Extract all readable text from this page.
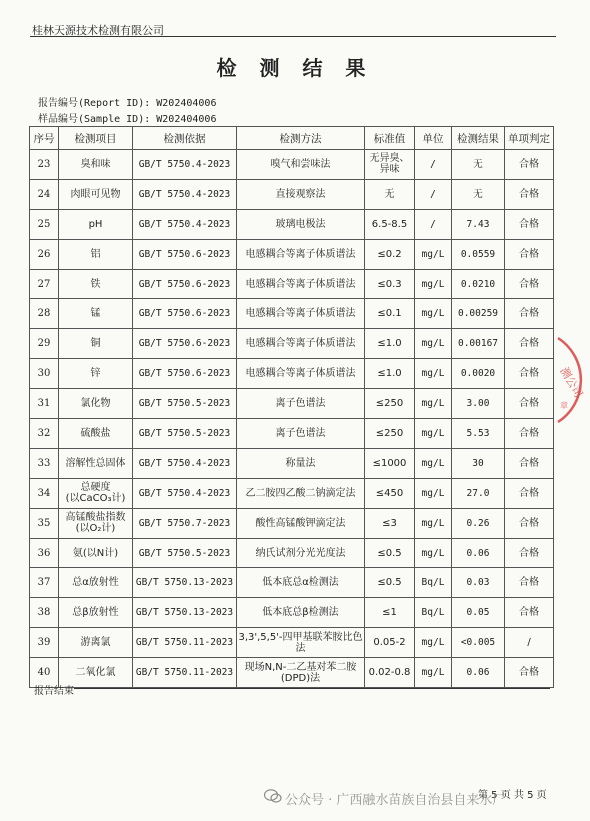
桂林天源技术检测有限公司
检 测 结 果
报告编号(Report ID): W202404006
样品编号(Sample ID): W202404006
序号	检测项目	检测依据	检测方法	标准值	单位	检测结果	单项判定
23	臭和味	GB/T 5750.4-2023	嗅气和尝味法	无异臭、异味	/	无	合格
24	肉眼可见物	GB/T 5750.4-2023	直接观察法	无	/	无	合格
25	pH	GB/T 5750.4-2023	玻璃电极法	6.5-8.5	/	7.43	合格
26	铝	GB/T 5750.6-2023	电感耦合等离子体质谱法	≤0.2	mg/L	0.0559	合格
27	铁	GB/T 5750.6-2023	电感耦合等离子体质谱法	≤0.3	mg/L	0.0210	合格
28	锰	GB/T 5750.6-2023	电感耦合等离子体质谱法	≤0.1	mg/L	0.00259	合格
29	铜	GB/T 5750.6-2023	电感耦合等离子体质谱法	≤1.0	mg/L	0.00167	合格
30	锌	GB/T 5750.6-2023	电感耦合等离子体质谱法	≤1.0	mg/L	0.0020	合格
31	氯化物	GB/T 5750.5-2023	离子色谱法	≤250	mg/L	3.00	合格
32	硫酸盐	GB/T 5750.5-2023	离子色谱法	≤250	mg/L	5.53	合格
33	溶解性总固体	GB/T 5750.4-2023	称量法	≤1000	mg/L	30	合格
34	总硬度
(以CaCO₃计)	GB/T 5750.4-2023	乙二胺四乙酸二钠滴定法	≤450	mg/L	27.0	合格
35	高锰酸盐指数
(以O₂计)	GB/T 5750.7-2023	酸性高锰酸钾滴定法	≤3	mg/L	0.26	合格
36	氨(以N计)	GB/T 5750.5-2023	纳氏试剂分光光度法	≤0.5	mg/L	0.06	合格
37	总α放射性	GB/T 5750.13-2023	低本底总α检测法	≤0.5	Bq/L	0.03	合格
38	总β放射性	GB/T 5750.13-2023	低本底总β检测法	≤1	Bq/L	0.05	合格
39	游离氯	GB/T 5750.11-2023	3,3',5,5'-四甲基联苯胺比色法	0.05-2	mg/L	<0.005	/
40	二氧化氯	GB/T 5750.11-2023	现场N,N-二乙基对苯二胺(DPD)法	0.02-0.8	mg/L	0.06	合格
测公司
章
报告结束
第 5 页 共 5 页
公众号 · 广西融水苗族自治县自来水厂
